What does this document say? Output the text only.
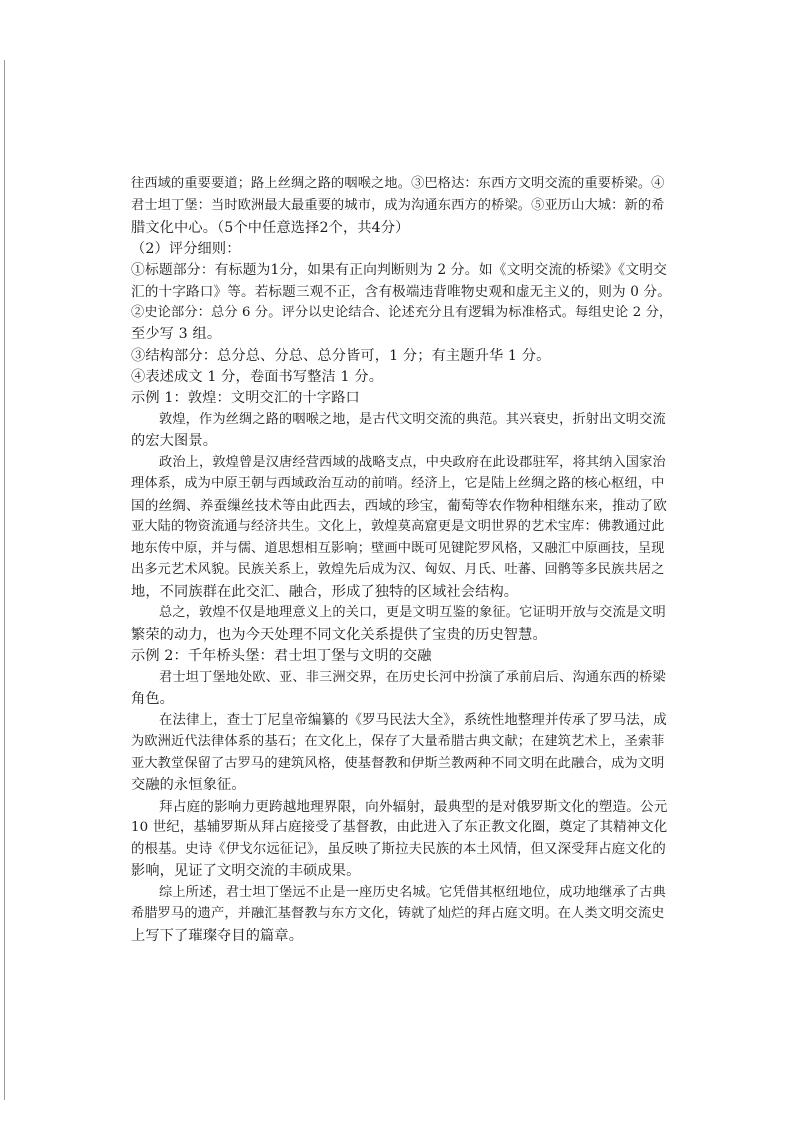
往西域的重要要道；路上丝绸之路的咽喉之地。③巴格达：东西方文明交流的重要桥梁。④
君士坦丁堡：当时欧洲最大最重要的城市，成为沟通东西方的桥梁。⑤亚历山大城：新的希
腊文化中心。（5个中任意选择2个，共4分）
（2）评分细则：
①标题部分：有标题为1分，如果有正向判断则为 2 分。如《文明交流的桥梁》《文明交
汇的十字路口》等。若标题三观不正，含有极端违背唯物史观和虚无主义的，则为 0 分。
②史论部分：总分 6 分。评分以史论结合、论述充分且有逻辑为标准格式。每组史论 2 分，
至少写 3 组。
③结构部分：总分总、分总、总分皆可，1 分；有主题升华 1 分。
④表述成文 1 分，卷面书写整洁 1 分。
示例 1：敦煌：文明交汇的十字路口
敦煌，作为丝绸之路的咽喉之地，是古代文明交流的典范。其兴衰史，折射出文明交流
的宏大图景。
政治上，敦煌曾是汉唐经营西域的战略支点，中央政府在此设郡驻军，将其纳入国家治
理体系，成为中原王朝与西域政治互动的前哨。经济上，它是陆上丝绸之路的核心枢纽，中
国的丝绸、养蚕缫丝技术等由此西去，西域的珍宝，葡萄等农作物种相继东来，推动了欧
亚大陆的物资流通与经济共生。文化上，敦煌莫高窟更是文明世界的艺术宝库：佛教通过此
地东传中原，并与儒、道思想相互影响；壁画中既可见键陀罗风格，又融汇中原画技，呈现
出多元艺术风貌。民族关系上，敦煌先后成为汉、匈奴、月氏、吐蕃、回鹘等多民族共居之
地，不同族群在此交汇、融合，形成了独特的区域社会结构。
总之，敦煌不仅是地理意义上的关口，更是文明互鉴的象征。它证明开放与交流是文明
繁荣的动力，也为今天处理不同文化关系提供了宝贵的历史智慧。
示例 2：千年桥头堡：君士坦丁堡与文明的交融
君士坦丁堡地处欧、亚、非三洲交界，在历史长河中扮演了承前启后、沟通东西的桥梁
角色。
在法律上，查士丁尼皇帝编纂的《罗马民法大全》，系统性地整理并传承了罗马法，成
为欧洲近代法律体系的基石；在文化上，保存了大量希腊古典文献；在建筑艺术上，圣索菲
亚大教堂保留了古罗马的建筑风格，使基督教和伊斯兰教两种不同文明在此融合，成为文明
交融的永恒象征。
拜占庭的影响力更跨越地理界限，向外辐射，最典型的是对俄罗斯文化的塑造。公元
10 世纪，基辅罗斯从拜占庭接受了基督教，由此进入了东正教文化圈，奠定了其精神文化
的根基。史诗《伊戈尔远征记》，虽反映了斯拉夫民族的本土风情，但又深受拜占庭文化的
影响，见证了文明交流的丰硕成果。
综上所述，君士坦丁堡远不止是一座历史名城。它凭借其枢纽地位，成功地继承了古典
希腊罗马的遗产，并融汇基督教与东方文化，铸就了灿烂的拜占庭文明。在人类文明交流史
上写下了璀璨夺目的篇章。
